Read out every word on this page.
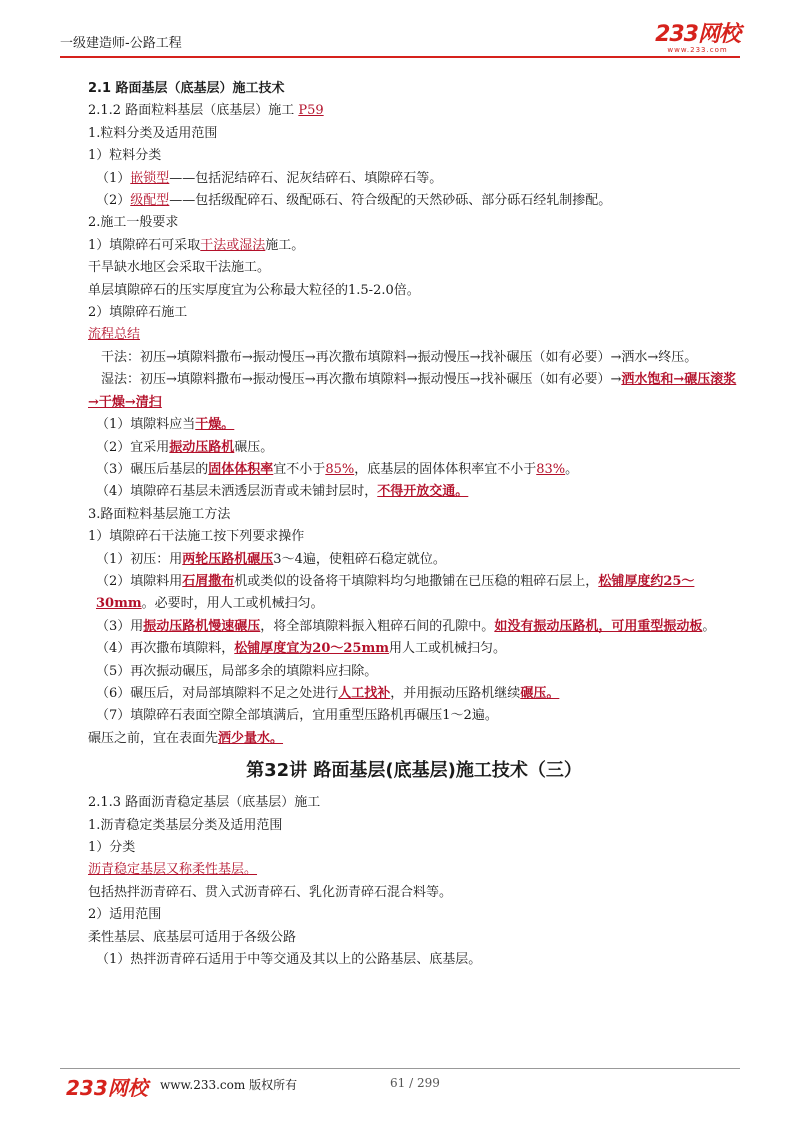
一级建造师-公路工程	233网校
www.233.com
2.1 路面基层（底基层）施工技术
2.1.2 路面粒料基层（底基层）施工 P59
1.粒料分类及适用范围
1）粒料分类
（1）嵌锁型——包括泥结碎石、泥灰结碎石、填隙碎石等。
（2）级配型——包括级配碎石、级配砾石、符合级配的天然砂砾、部分砾石经轧制掺配。
2.施工一般要求
1）填隙碎石可采取干法或湿法施工。
干旱缺水地区会采取干法施工。
单层填隙碎石的压实厚度宜为公称最大粒径的1.5-2.0倍。
2）填隙碎石施工
流程总结
干法：初压→填隙料撒布→振动慢压→再次撒布填隙料→振动慢压→找补碾压（如有必要）→洒水→终压。
湿法：初压→填隙料撒布→振动慢压→再次撒布填隙料→振动慢压→找补碾压（如有必要）→洒水饱和→碾压滚浆→干燥→清扫
（1）填隙料应当干燥。
（2）宜采用振动压路机碾压。
（3）碾压后基层的固体体积率宜不小于85%，底基层的固体体积率宜不小于83%。
（4）填隙碎石基层未洒透层沥青或未铺封层时，不得开放交通。
3.路面粒料基层施工方法
1）填隙碎石干法施工按下列要求操作
（1）初压：用两轮压路机碾压3～4遍，使粗碎石稳定就位。
（2）填隙料用石屑撒布机或类似的设备将干填隙料均匀地撒铺在已压稳的粗碎石层上，松铺厚度约25～30mm。必要时，用人工或机械扫匀。
（3）用振动压路机慢速碾压，将全部填隙料振入粗碎石间的孔隙中。如没有振动压路机，可用重型振动板。
（4）再次撒布填隙料，松铺厚度宜为20～25mm用人工或机械扫匀。
（5）再次振动碾压，局部多余的填隙料应扫除。
（6）碾压后，对局部填隙料不足之处进行人工找补，并用振动压路机继续碾压。
（7）填隙碎石表面空隙全部填满后，宜用重型压路机再碾压1～2遍。
碾压之前，宜在表面先洒少量水。
第32讲 路面基层(底基层)施工技术（三）
2.1.3 路面沥青稳定基层（底基层）施工
1.沥青稳定类基层分类及适用范围
1）分类
沥青稳定基层又称柔性基层。
包括热拌沥青碎石、贯入式沥青碎石、乳化沥青碎石混合料等。
2）适用范围
柔性基层、底基层可适用于各级公路
（1）热拌沥青碎石适用于中等交通及其以上的公路基层、底基层。
233网校 www.233.com 版权所有	61 / 299
